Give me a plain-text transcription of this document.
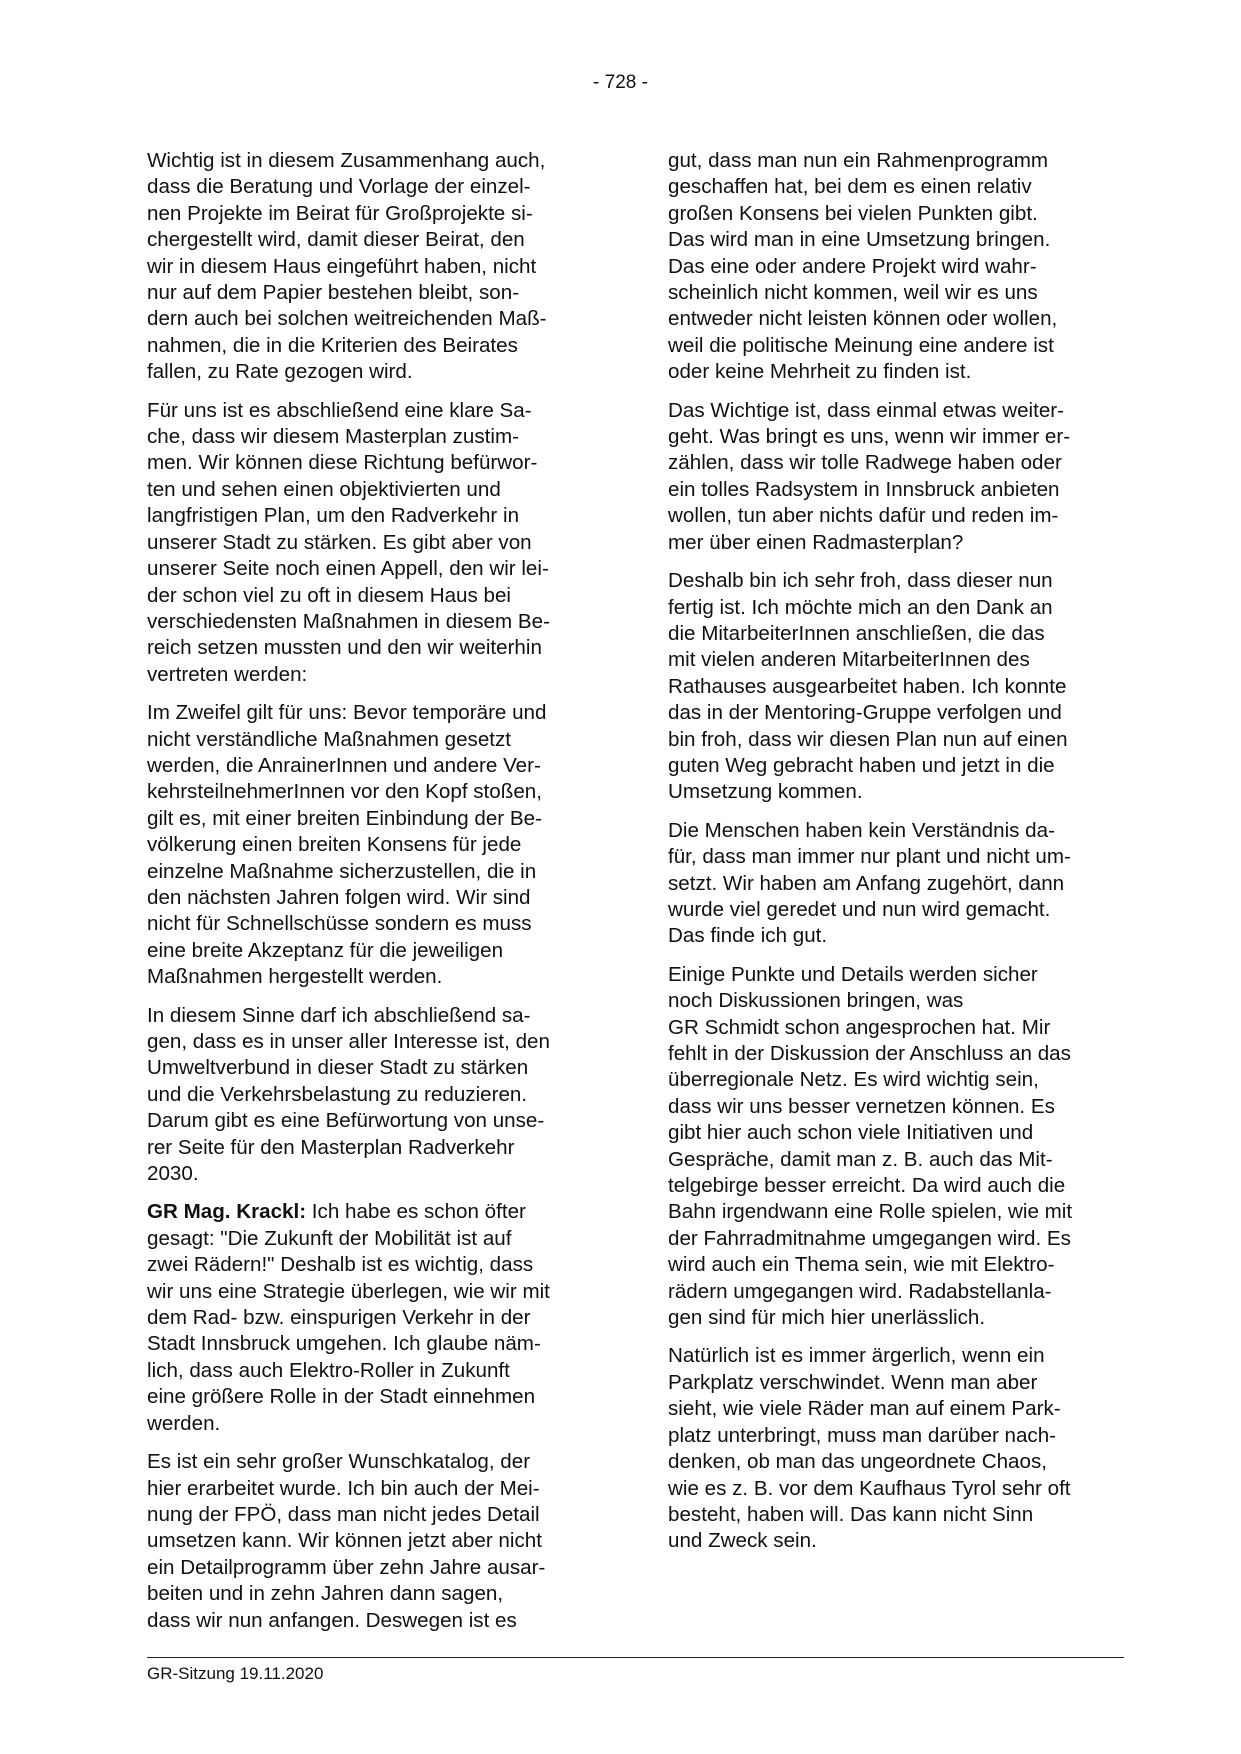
- 728 -

Wichtig ist in diesem Zusammenhang auch,
dass die Beratung und Vorlage der einzel-
nen Projekte im Beirat für Großprojekte si-
chergestellt wird, damit dieser Beirat, den
wir in diesem Haus eingeführt haben, nicht
nur auf dem Papier bestehen bleibt, son-
dern auch bei solchen weitreichenden Maß-
nahmen, die in die Kriterien des Beirates
fallen, zu Rate gezogen wird.

Für uns ist es abschließend eine klare Sa-
che, dass wir diesem Masterplan zustim-
men. Wir können diese Richtung befürwor-
ten und sehen einen objektivierten und
langfristigen Plan, um den Radverkehr in
unserer Stadt zu stärken. Es gibt aber von
unserer Seite noch einen Appell, den wir lei-
der schon viel zu oft in diesem Haus bei
verschiedensten Maßnahmen in diesem Be-
reich setzen mussten und den wir weiterhin
vertreten werden:

Im Zweifel gilt für uns: Bevor temporäre und
nicht verständliche Maßnahmen gesetzt
werden, die AnrainerInnen und andere Ver-
kehrsteilnehmerInnen vor den Kopf stoßen,
gilt es, mit einer breiten Einbindung der Be-
völkerung einen breiten Konsens für jede
einzelne Maßnahme sicherzustellen, die in
den nächsten Jahren folgen wird. Wir sind
nicht für Schnellschüsse sondern es muss
eine breite Akzeptanz für die jeweiligen
Maßnahmen hergestellt werden.

In diesem Sinne darf ich abschließend sa-
gen, dass es in unser aller Interesse ist, den
Umweltverbund in dieser Stadt zu stärken
und die Verkehrsbelastung zu reduzieren.
Darum gibt es eine Befürwortung von unse-
rer Seite für den Masterplan Radverkehr
2030.

GR Mag. Krackl: Ich habe es schon öfter
gesagt: "Die Zukunft der Mobilität ist auf
zwei Rädern!" Deshalb ist es wichtig, dass
wir uns eine Strategie überlegen, wie wir mit
dem Rad- bzw. einspurigen Verkehr in der
Stadt Innsbruck umgehen. Ich glaube näm-
lich, dass auch Elektro-Roller in Zukunft
eine größere Rolle in der Stadt einnehmen
werden.

Es ist ein sehr großer Wunschkatalog, der
hier erarbeitet wurde. Ich bin auch der Mei-
nung der FPÖ, dass man nicht jedes Detail
umsetzen kann. Wir können jetzt aber nicht
ein Detailprogramm über zehn Jahre ausar-
beiten und in zehn Jahren dann sagen,
dass wir nun anfangen. Deswegen ist es

gut, dass man nun ein Rahmenprogramm
geschaffen hat, bei dem es einen relativ
großen Konsens bei vielen Punkten gibt.
Das wird man in eine Umsetzung bringen.
Das eine oder andere Projekt wird wahr-
scheinlich nicht kommen, weil wir es uns
entweder nicht leisten können oder wollen,
weil die politische Meinung eine andere ist
oder keine Mehrheit zu finden ist.

Das Wichtige ist, dass einmal etwas weiter-
geht. Was bringt es uns, wenn wir immer er-
zählen, dass wir tolle Radwege haben oder
ein tolles Radsystem in Innsbruck anbieten
wollen, tun aber nichts dafür und reden im-
mer über einen Radmasterplan?

Deshalb bin ich sehr froh, dass dieser nun
fertig ist. Ich möchte mich an den Dank an
die MitarbeiterInnen anschließen, die das
mit vielen anderen MitarbeiterInnen des
Rathauses ausgearbeitet haben. Ich konnte
das in der Mentoring-Gruppe verfolgen und
bin froh, dass wir diesen Plan nun auf einen
guten Weg gebracht haben und jetzt in die
Umsetzung kommen.

Die Menschen haben kein Verständnis da-
für, dass man immer nur plant und nicht um-
setzt. Wir haben am Anfang zugehört, dann
wurde viel geredet und nun wird gemacht.
Das finde ich gut.

Einige Punkte und Details werden sicher
noch Diskussionen bringen, was
GR Schmidt schon angesprochen hat. Mir
fehlt in der Diskussion der Anschluss an das
überregionale Netz. Es wird wichtig sein,
dass wir uns besser vernetzen können. Es
gibt hier auch schon viele Initiativen und
Gespräche, damit man z. B. auch das Mit-
telgebirge besser erreicht. Da wird auch die
Bahn irgendwann eine Rolle spielen, wie mit
der Fahrradmitnahme umgegangen wird. Es
wird auch ein Thema sein, wie mit Elektro-
rädern umgegangen wird. Radabstellanla-
gen sind für mich hier unerlässlich.

Natürlich ist es immer ärgerlich, wenn ein
Parkplatz verschwindet. Wenn man aber
sieht, wie viele Räder man auf einem Park-
platz unterbringt, muss man darüber nach-
denken, ob man das ungeordnete Chaos,
wie es z. B. vor dem Kaufhaus Tyrol sehr oft
besteht, haben will. Das kann nicht Sinn
und Zweck sein.

GR-Sitzung 19.11.2020
